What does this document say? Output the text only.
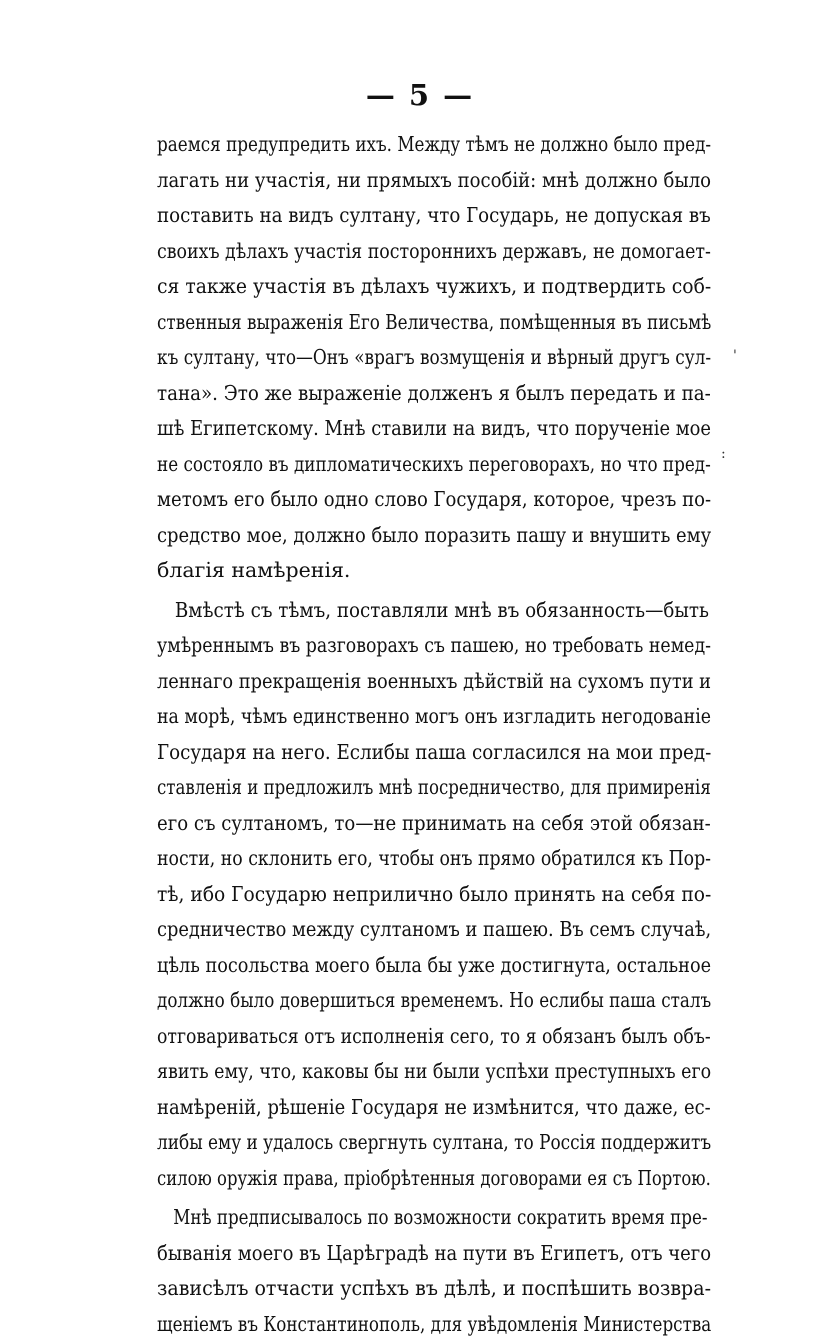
— 5 —
раемся предупредить ихъ. Между тѣмъ не должно было пред-
лагать ни участія, ни прямыхъ пособій: мнѣ должно было
поставить на видъ султану, что Государь, не допуская въ
своихъ дѣлахъ участія постороннихъ державъ, не домогает-
ся также участія въ дѣлахъ чужихъ, и подтвердить соб-
ственныя выраженія Его Величества, помѣщенныя въ письмѣ
къ султану, что—Онъ «врагъ возмущенія и вѣрный другъ сул-
тана». Это же выраженіе долженъ я былъ передать и па-
шѣ Египетскому. Мнѣ ставили на видъ, что порученіе мое
не состояло въ дипломатическихъ переговорахъ, но что пред-
метомъ его было одно слово Государя, которое, чрезъ по-
средство мое, должно было поразить пашу и внушить ему
благія намѣренія.
Вмѣстѣ съ тѣмъ, поставляли мнѣ въ обязанность—быть
умѣреннымъ въ разговорахъ съ пашею, но требовать немед-
леннаго прекращенія военныхъ дѣйствій на сухомъ пути и
на морѣ, чѣмъ единственно могъ онъ изгладить негодованіе
Государя на него. Еслибы паша согласился на мои пред-
ставленія и предложилъ мнѣ посредничество, для примиренія
его съ султаномъ, то—не принимать на себя этой обязан-
ности, но склонить его, чтобы онъ прямо обратился къ Пор-
тѣ, ибо Государю неприлично было принять на себя по-
средничество между султаномъ и пашею. Въ семъ случаѣ,
цѣль посольства моего была бы уже достигнута, остальное
должно было довершиться временемъ. Но еслибы паша сталъ
отговариваться отъ исполненія сего, то я обязанъ былъ объ-
явить ему, что, каковы бы ни были успѣхи преступныхъ его
намѣреній, рѣшеніе Государя не измѣнится, что даже, ес-
либы ему и удалось свергнуть султана, то Россія поддержитъ
силою оружія права, пріобрѣтенныя договорами ея съ Портою.
Мнѣ предписывалось по возможности сократить время пре-
быванія моего въ Царѣградѣ на пути въ Египетъ, отъ чего
зависѣлъ отчасти успѣхъ въ дѣлѣ, и поспѣшить возвра-
щеніемъ въ Константинополь, для увѣдомленія Министерства
'
:
